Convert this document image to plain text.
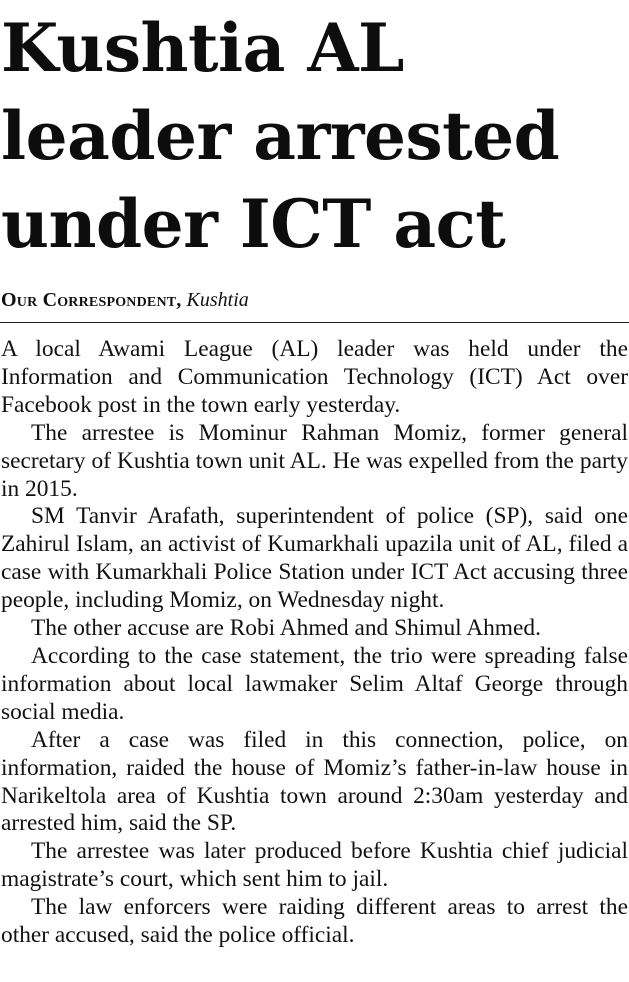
Kushtia AL leader arrested under ICT act
Our Correspondent, Kushtia

A local Awami League (AL) leader was held under the Information and Communication Technology (ICT) Act over Facebook post in the town early yesterday.

The arrestee is Mominur Rahman Momiz, former general secretary of Kushtia town unit AL. He was expelled from the party in 2015.

SM Tanvir Arafath, superintendent of police (SP), said one Zahirul Islam, an activist of Kumarkhali upazila unit of AL, filed a case with Kumarkhali Police Station under ICT Act accusing three people, including Momiz, on Wednesday night.

The other accuse are Robi Ahmed and Shimul Ahmed.

According to the case statement, the trio were spreading false information about local lawmaker Selim Altaf George through social media.

After a case was filed in this connection, police, on information, raided the house of Momiz’s father-in-law house in Narikeltola area of Kushtia town around 2:30am yesterday and arrested him, said the SP.

The arrestee was later produced before Kushtia chief judicial magistrate’s court, which sent him to jail.

The law enforcers were raiding different areas to arrest the other accused, said the police official.
